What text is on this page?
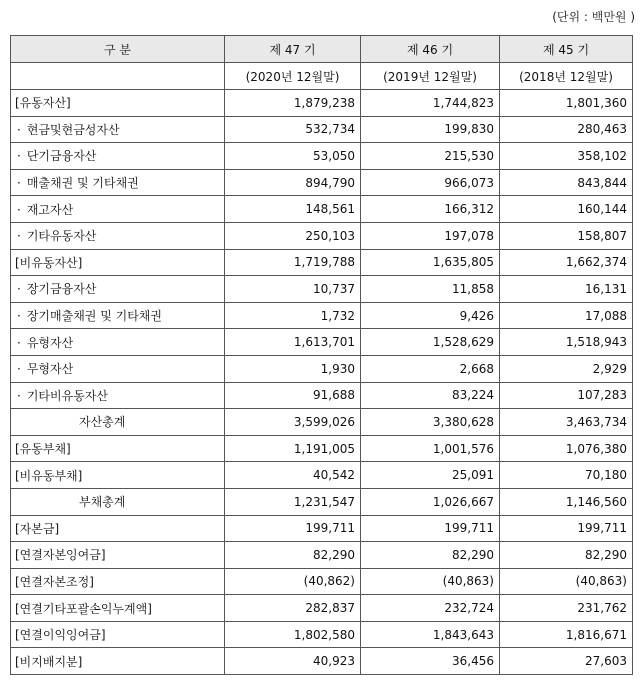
(단위 : 백만원 )
구 분	제 47 기	제 46 기	제 45 기
	(2020년 12월말)	(2019년 12월말)	(2018년 12월말)
[유동자산]	1,879,238	1,744,823	1,801,360
· 현금및현금성자산	532,734	199,830	280,463
· 단기금융자산	53,050	215,530	358,102
· 매출채권 및 기타채권	894,790	966,073	843,844
· 재고자산	148,561	166,312	160,144
· 기타유동자산	250,103	197,078	158,807
[비유동자산]	1,719,788	1,635,805	1,662,374
· 장기금융자산	10,737	11,858	16,131
· 장기매출채권 및 기타채권	1,732	9,426	17,088
· 유형자산	1,613,701	1,528,629	1,518,943
· 무형자산	1,930	2,668	2,929
· 기타비유동자산	91,688	83,224	107,283
자산총계	3,599,026	3,380,628	3,463,734
[유동부채]	1,191,005	1,001,576	1,076,380
[비유동부채]	40,542	25,091	70,180
부채총계	1,231,547	1,026,667	1,146,560
[자본금]	199,711	199,711	199,711
[연결자본잉여금]	82,290	82,290	82,290
[연결자본조정]	(40,862)	(40,863)	(40,863)
[연결기타포괄손익누계액]	282,837	232,724	231,762
[연결이익잉여금]	1,802,580	1,843,643	1,816,671
[비지배지분]	40,923	36,456	27,603
